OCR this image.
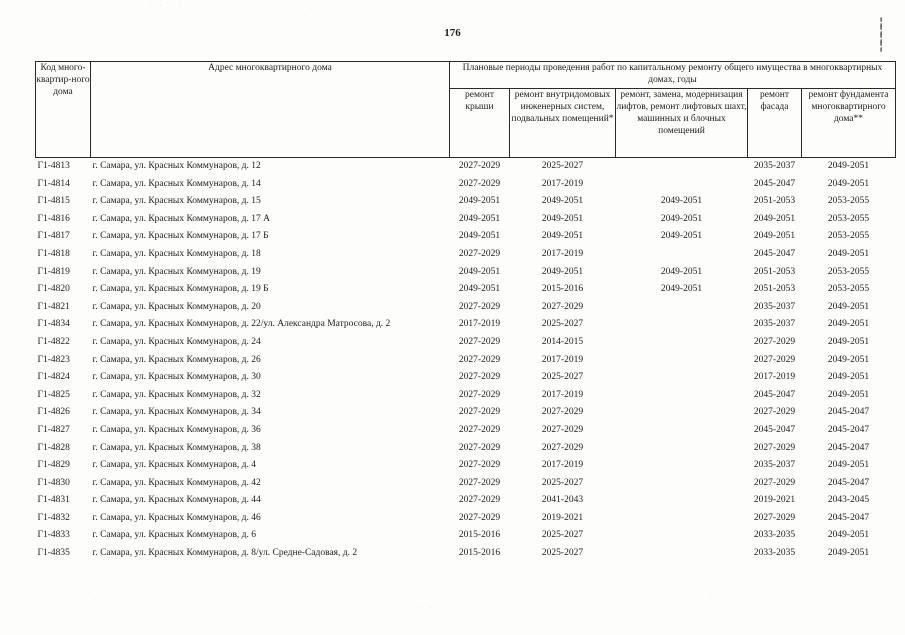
176
╏
╏
╏
╏
· · ˙ · ·	˙ · ·
· ˙ · · ˙
· · ˙
˙ · ·
Код много-квартир-ного дома	Адрес многоквартирного дома	Плановые периоды проведения работ по капитальному ремонту общего имущества в многоквартирных домах, годы				
		ремонт крыши	ремонт внутридомовых инженерных систем, подвальных помещений*	ремонт, замена, модернизация лифтов, ремонт лифтовых шахт, машинных и блочных помещений	ремонт фасада	ремонт фундамента многоквартирного дома**
Г1-4813	г. Самара, ул. Красных Коммунаров, д. 12	2027-2029	2025-2027		2035-2037	2049-2051
Г1-4814	г. Самара, ул. Красных Коммунаров, д. 14	2027-2029	2017-2019		2045-2047	2049-2051
Г1-4815	г. Самара, ул. Красных Коммунаров, д. 15	2049-2051	2049-2051	2049-2051	2051-2053	2053-2055
Г1-4816	г. Самара, ул. Красных Коммунаров, д. 17 А	2049-2051	2049-2051	2049-2051	2049-2051	2053-2055
Г1-4817	г. Самара, ул. Красных Коммунаров, д. 17 Б	2049-2051	2049-2051	2049-2051	2049-2051	2053-2055
Г1-4818	г. Самара, ул. Красных Коммунаров, д. 18	2027-2029	2017-2019		2045-2047	2049-2051
Г1-4819	г. Самара, ул. Красных Коммунаров, д. 19	2049-2051	2049-2051	2049-2051	2051-2053	2053-2055
Г1-4820	г. Самара, ул. Красных Коммунаров, д. 19 Б	2049-2051	2015-2016	2049-2051	2051-2053	2053-2055
Г1-4821	г. Самара, ул. Красных Коммунаров, д. 20	2027-2029	2027-2029		2035-2037	2049-2051
Г1-4834	г. Самара, ул. Красных Коммунаров, д. 22/ул. Александра Матросова, д. 2	2017-2019	2025-2027		2035-2037	2049-2051
Г1-4822	г. Самара, ул. Красных Коммунаров, д. 24	2027-2029	2014-2015		2027-2029	2049-2051
Г1-4823	г. Самара, ул. Красных Коммунаров, д. 26	2027-2029	2017-2019		2027-2029	2049-2051
Г1-4824	г. Самара, ул. Красных Коммунаров, д. 30	2027-2029	2025-2027		2017-2019	2049-2051
Г1-4825	г. Самара, ул. Красных Коммунаров, д. 32	2027-2029	2017-2019		2045-2047	2049-2051
Г1-4826	г. Самара, ул. Красных Коммунаров, д. 34	2027-2029	2027-2029		2027-2029	2045-2047
Г1-4827	г. Самара, ул. Красных Коммунаров, д. 36	2027-2029	2027-2029		2045-2047	2045-2047
Г1-4828	г. Самара, ул. Красных Коммунаров, д. 38	2027-2029	2027-2029		2027-2029	2045-2047
Г1-4829	г. Самара, ул. Красных Коммунаров, д. 4	2027-2029	2017-2019		2035-2037	2049-2051
Г1-4830	г. Самара, ул. Красных Коммунаров, д. 42	2027-2029	2025-2027		2027-2029	2045-2047
Г1-4831	г. Самара, ул. Красных Коммунаров, д. 44	2027-2029	2041-2043		2019-2021	2043-2045
Г1-4832	г. Самара, ул. Красных Коммунаров, д. 46	2027-2029	2019-2021		2027-2029	2045-2047
Г1-4833	г. Самара, ул. Красных Коммунаров, д. 6	2015-2016	2025-2027		2033-2035	2049-2051
Г1-4835	г. Самара, ул. Красных Коммунаров, д. 8/ул. Средне-Садовая, д. 2	2015-2016	2025-2027		2033-2035	2049-2051
